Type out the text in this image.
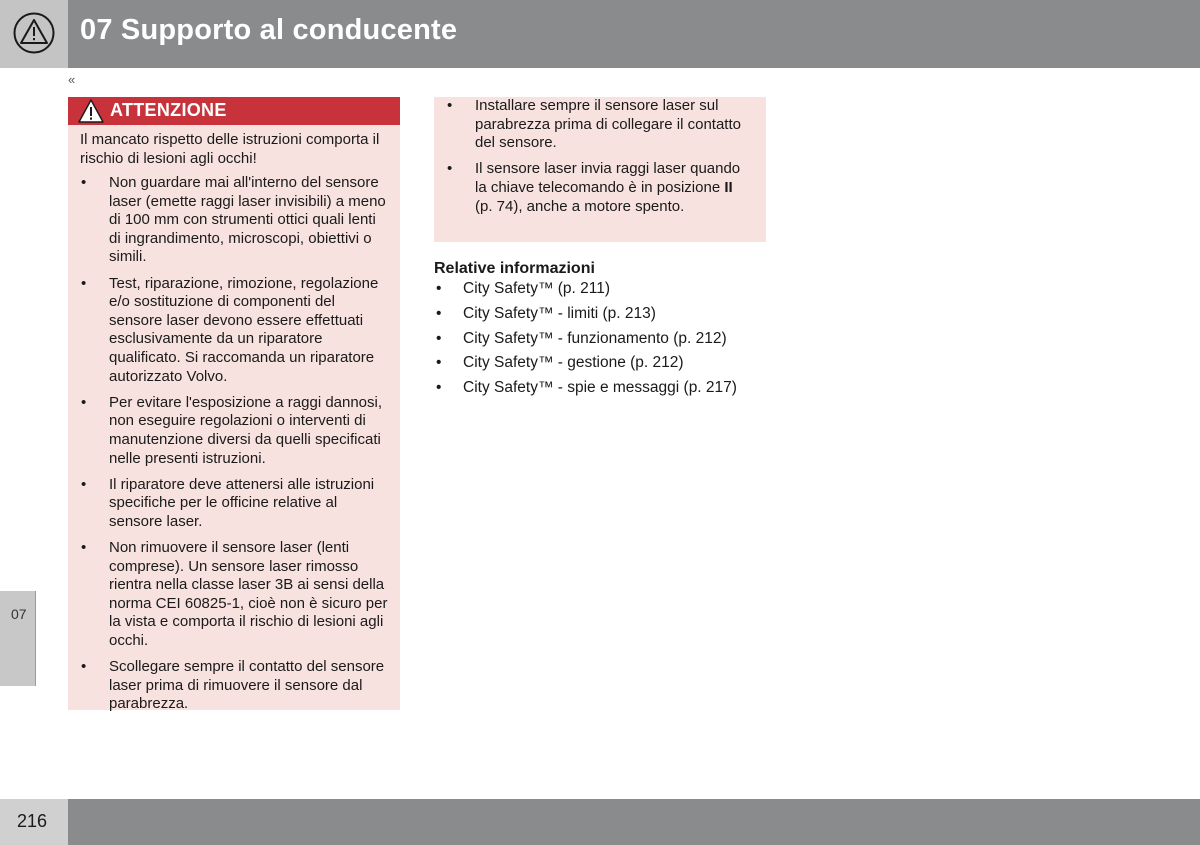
07 Supporto al conducente
«
ATTENZIONE
Il mancato rispetto delle istruzioni comporta il rischio di lesioni agli occhi!
• Non guardare mai all'interno del sensore laser (emette raggi laser invisibili) a meno di 100 mm con strumenti ottici quali lenti di ingrandimento, microscopi, obiettivi o simili.
• Test, riparazione, rimozione, regolazione e/o sostituzione di componenti del sensore laser devono essere effettuati esclusivamente da un riparatore qualificato. Si raccomanda un riparatore autorizzato Volvo.
• Per evitare l'esposizione a raggi dannosi, non eseguire regolazioni o interventi di manutenzione diversi da quelli specificati nelle presenti istruzioni.
• Il riparatore deve attenersi alle istruzioni specifiche per le officine relative al sensore laser.
• Non rimuovere il sensore laser (lenti comprese). Un sensore laser rimosso rientra nella classe laser 3B ai sensi della norma CEI 60825-1, cioè non è sicuro per la vista e comporta il rischio di lesioni agli occhi.
• Scollegare sempre il contatto del sensore laser prima di rimuovere il sensore dal parabrezza.
• Installare sempre il sensore laser sul parabrezza prima di collegare il contatto del sensore.
• Il sensore laser invia raggi laser quando la chiave telecomando è in posizione II (p. 74), anche a motore spento.
Relative informazioni
• City Safety™ (p. 211)
• City Safety™ - limiti (p. 213)
• City Safety™ - funzionamento (p. 212)
• City Safety™ - gestione (p. 212)
• City Safety™ - spie e messaggi (p. 217)
07
216
